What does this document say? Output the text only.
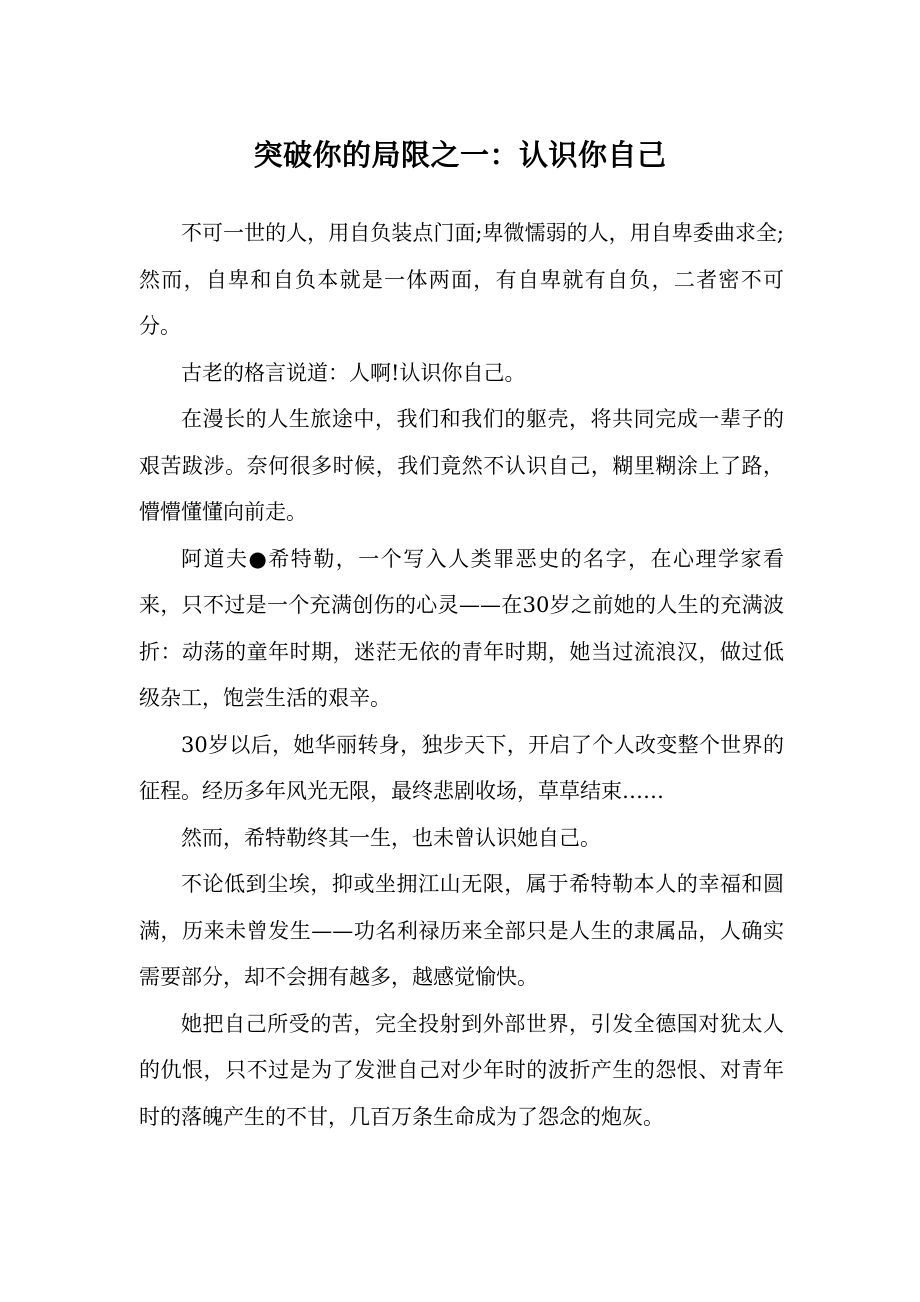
突破你的局限之一：认识你自己

不可一世的人，用自负装点门面;卑微懦弱的人，用自卑委曲求全;然而，自卑和自负本就是一体两面，有自卑就有自负，二者密不可分。

古老的格言说道：人啊!认识你自己。

在漫长的人生旅途中，我们和我们的躯壳，将共同完成一辈子的艰苦跋涉。奈何很多时候，我们竟然不认识自己，糊里糊涂上了路，懵懵懂懂向前走。

阿道夫●希特勒，一个写入人类罪恶史的名字，在心理学家看来，只不过是一个充满创伤的心灵——在30岁之前她的人生的充满波折：动荡的童年时期，迷茫无依的青年时期，她当过流浪汉，做过低级杂工，饱尝生活的艰辛。

30岁以后，她华丽转身，独步天下，开启了个人改变整个世界的征程。经历多年风光无限，最终悲剧收场，草草结束……

然而，希特勒终其一生，也未曾认识她自己。

不论低到尘埃，抑或坐拥江山无限，属于希特勒本人的幸福和圆满，历来未曾发生——功名利禄历来全部只是人生的隶属品，人确实需要部分，却不会拥有越多，越感觉愉快。

她把自己所受的苦，完全投射到外部世界，引发全德国对犹太人的仇恨，只不过是为了发泄自己对少年时的波折产生的怨恨、对青年时的落魄产生的不甘，几百万条生命成为了怨念的炮灰。
